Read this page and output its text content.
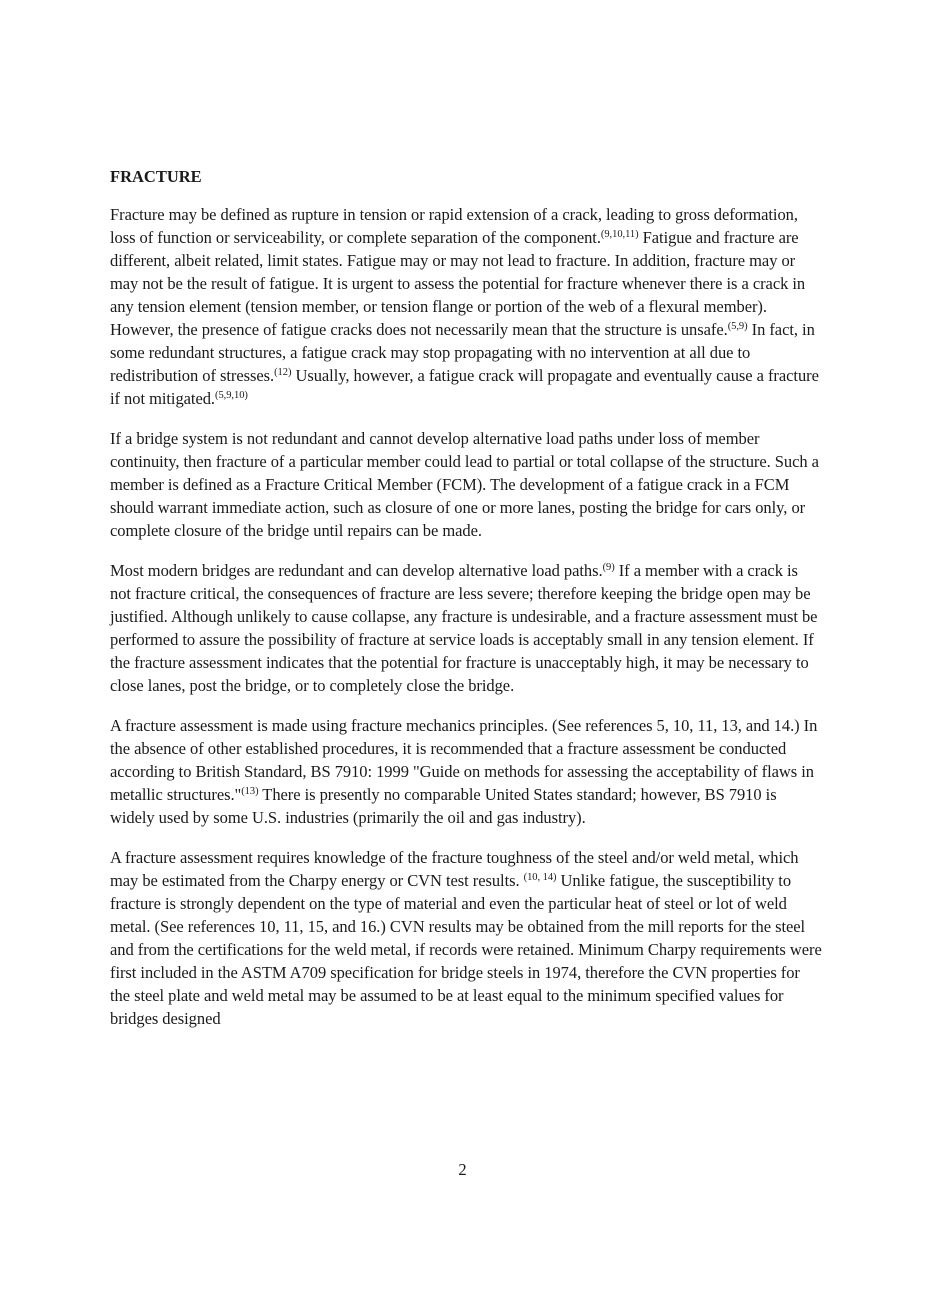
FRACTURE

Fracture may be defined as rupture in tension or rapid extension of a crack, leading to gross deformation, loss of function or serviceability, or complete separation of the component.$^{(9,10,11)}$ Fatigue and fracture are different, albeit related, limit states. Fatigue may or may not lead to fracture. In addition, fracture may or may not be the result of fatigue. It is urgent to assess the potential for fracture whenever there is a crack in any tension element (tension member, or tension flange or portion of the web of a flexural member). However, the presence of fatigue cracks does not necessarily mean that the structure is unsafe.$^{(5,9)}$ In fact, in some redundant structures, a fatigue crack may stop propagating with no intervention at all due to redistribution of stresses.$^{(12)}$ Usually, however, a fatigue crack will propagate and eventually cause a fracture if not mitigated.$^{(5,9,10)}$

If a bridge system is not redundant and cannot develop alternative load paths under loss of member continuity, then fracture of a particular member could lead to partial or total collapse of the structure. Such a member is defined as a Fracture Critical Member (FCM). The development of a fatigue crack in a FCM should warrant immediate action, such as closure of one or more lanes, posting the bridge for cars only, or complete closure of the bridge until repairs can be made.

Most modern bridges are redundant and can develop alternative load paths.$^{(9)}$ If a member with a crack is not fracture critical, the consequences of fracture are less severe; therefore keeping the bridge open may be justified. Although unlikely to cause collapse, any fracture is undesirable, and a fracture assessment must be performed to assure the possibility of fracture at service loads is acceptably small in any tension element. If the fracture assessment indicates that the potential for fracture is unacceptably high, it may be necessary to close lanes, post the bridge, or to completely close the bridge.

A fracture assessment is made using fracture mechanics principles. (See references 5, 10, 11, 13, and 14.) In the absence of other established procedures, it is recommended that a fracture assessment be conducted according to British Standard, BS 7910: 1999 "Guide on methods for assessing the acceptability of flaws in metallic structures."$^{(13)}$ There is presently no comparable United States standard; however, BS 7910 is widely used by some U.S. industries (primarily the oil and gas industry).

A fracture assessment requires knowledge of the fracture toughness of the steel and/or weld metal, which may be estimated from the Charpy energy or CVN test results. $^{(10, 14)}$ Unlike fatigue, the susceptibility to fracture is strongly dependent on the type of material and even the particular heat of steel or lot of weld metal. (See references 10, 11, 15, and 16.) CVN results may be obtained from the mill reports for the steel and from the certifications for the weld metal, if records were retained. Minimum Charpy requirements were first included in the ASTM A709 specification for bridge steels in 1974, therefore the CVN properties for the steel plate and weld metal may be assumed to be at least equal to the minimum specified values for bridges designed

2
